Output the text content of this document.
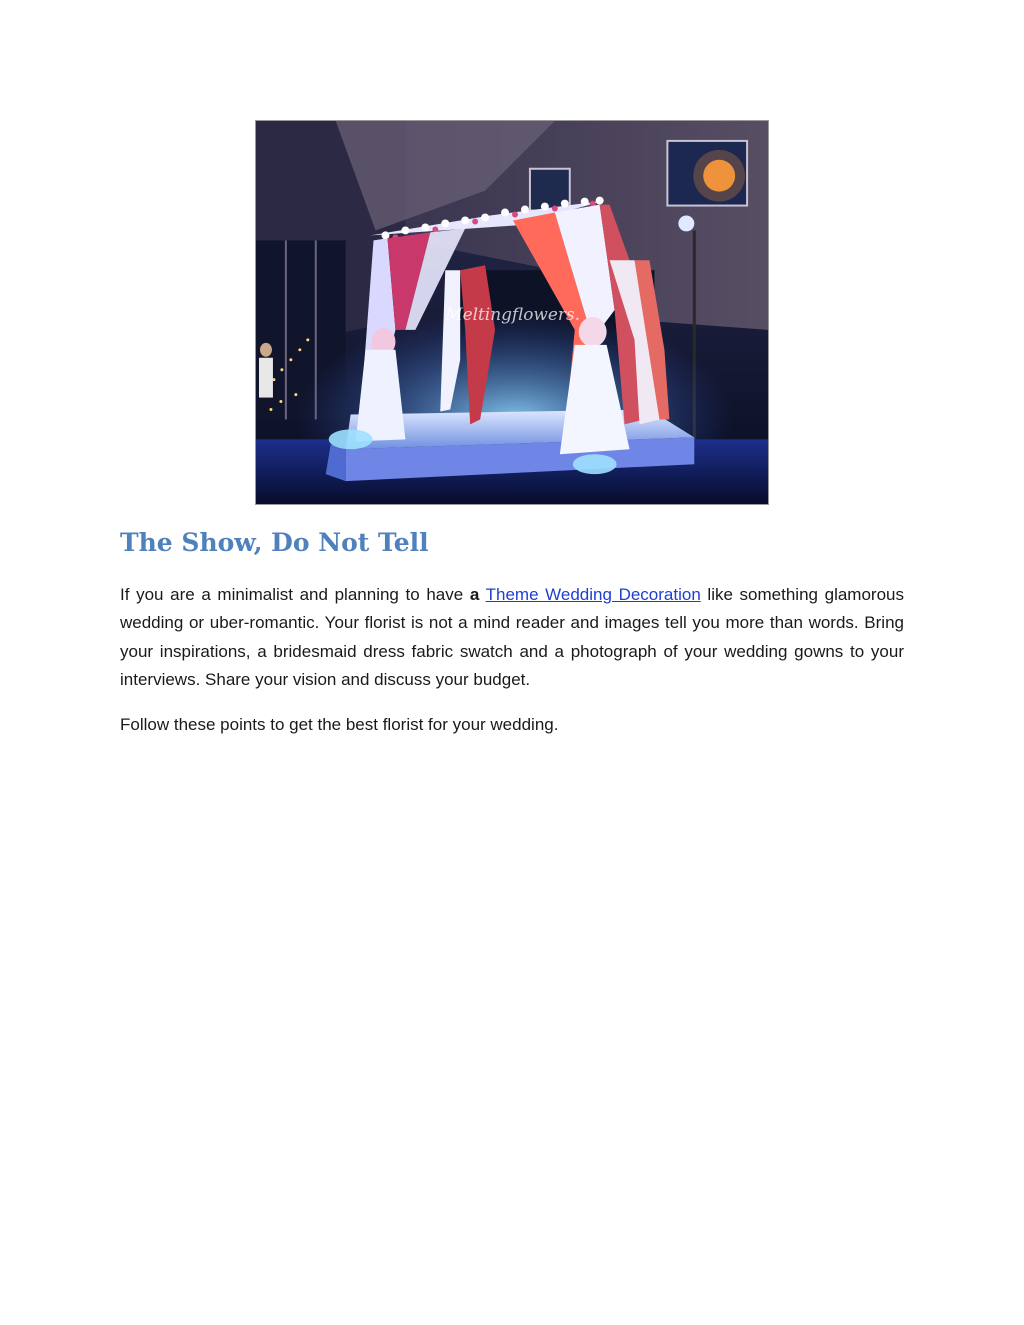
Meltingflowers.
The Show, Do Not Tell

If you are a minimalist and planning to have a Theme Wedding Decoration like something glamorous wedding or uber-romantic. Your florist is not a mind reader and images tell you more than words. Bring your inspirations, a bridesmaid dress fabric swatch and a photograph of your wedding gowns to your interviews. Share your vision and discuss your budget.

Follow these points to get the best florist for your wedding.
